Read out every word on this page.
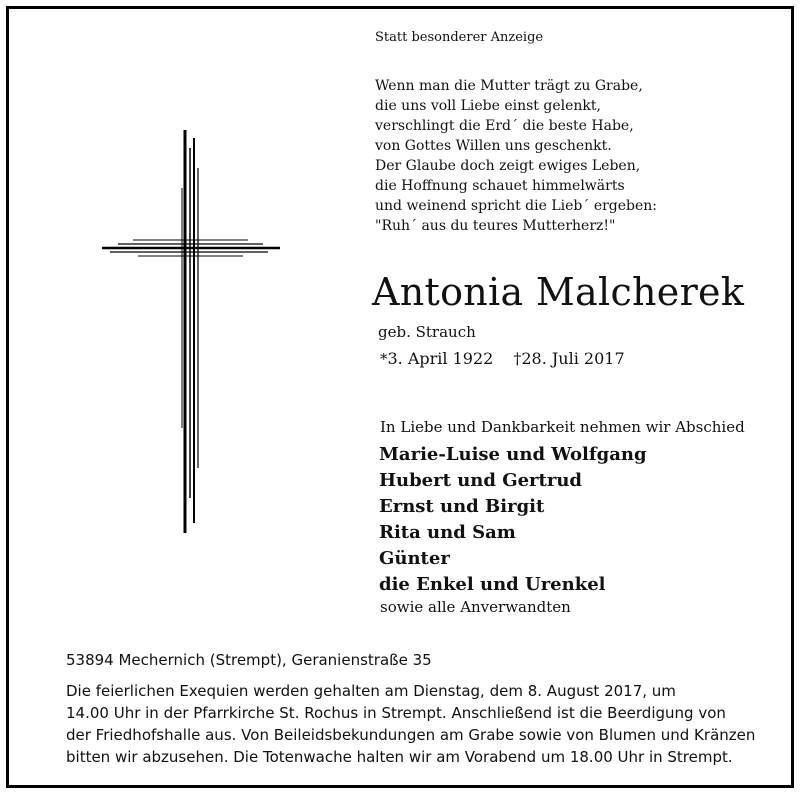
Statt besonderer Anzeige
Wenn man die Mutter trägt zu Grabe,
die uns voll Liebe einst gelenkt,
verschlingt die Erd´ die beste Habe,
von Gottes Willen uns geschenkt.
Der Glaube doch zeigt ewiges Leben,
die Hoffnung schauet himmelwärts
und weinend spricht die Lieb´ ergeben:
"Ruh´ aus du teures Mutterherz!"
Antonia Malcherek
geb. Strauch
*3. April 1922 †28. Juli 2017
In Liebe und Dankbarkeit nehmen wir Abschied
Marie-Luise und Wolfgang
Hubert und Gertrud
Ernst und Birgit
Rita und Sam
Günter
die Enkel und Urenkel
sowie alle Anverwandten
53894 Mechernich (Strempt), Geranienstraße 35
Die feierlichen Exequien werden gehalten am Dienstag, dem 8. August 2017, um
14.00 Uhr in der Pfarrkirche St. Rochus in Strempt. Anschließend ist die Beerdigung von
der Friedhofshalle aus. Von Beileidsbekundungen am Grabe sowie von Blumen und Kränzen
bitten wir abzusehen. Die Totenwache halten wir am Vorabend um 18.00 Uhr in Strempt.
